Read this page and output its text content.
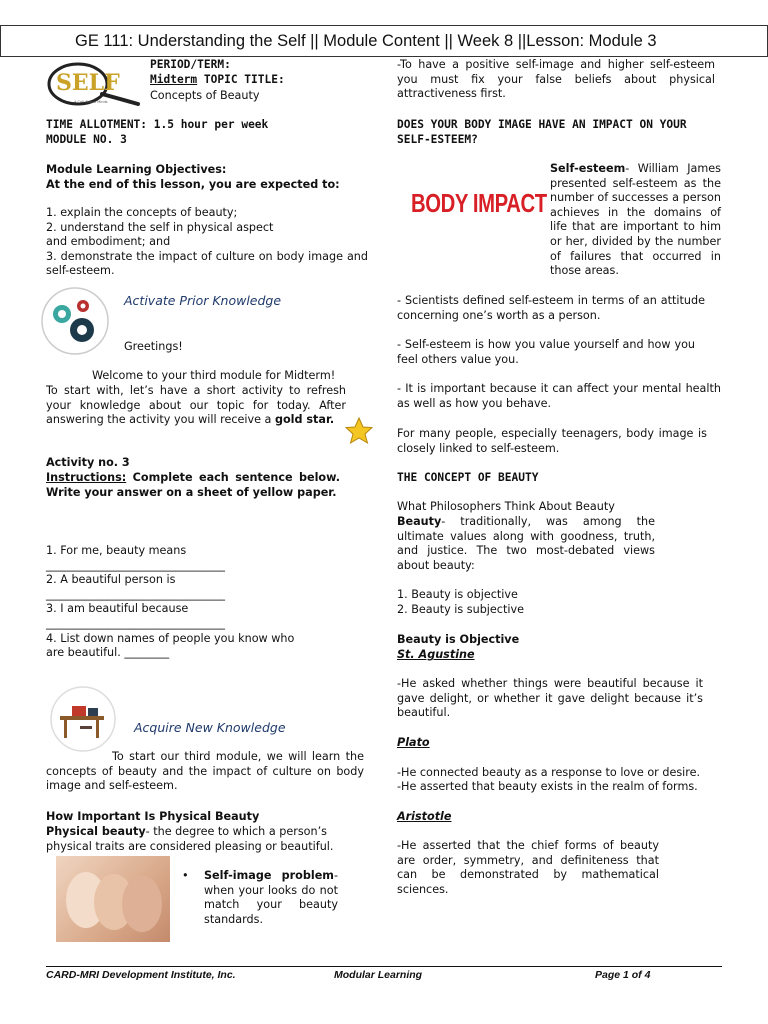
GE 111: Understanding the Self || Module Content || Week 8 ||Lesson: Module 3
SELF
A Call Above Minds
PERIOD/TERM:
Midterm TOPIC TITLE:
Concepts of Beauty
TIME ALLOTMENT: 1.5 hour per week
MODULE NO. 3
Module Learning Objectives:
At the end of this lesson, you are expected to:
1. explain the concepts of beauty;
2. understand the self in physical aspect
and embodiment; and
3. demonstrate the impact of culture on body image and self-esteem.
Activate Prior Knowledge
Greetings!
Welcome to your third module for Midterm!
To start with, let’s have a short activity to refresh your knowledge about our topic for today. After answering the activity you will receive a gold star.
Activity no. 3
Instructions: Complete each sentence below. Write your answer on a sheet of yellow paper.
1. For me, beauty means
________________________________
2. A beautiful person is
________________________________
3. I am beautiful because
________________________________
4. List down names of people you know who
are beautiful. ________
Acquire New Knowledge
To start our third module, we will learn the concepts of beauty and the impact of culture on body image and self-esteem.
How Important Is Physical Beauty
Physical beauty- the degree to which a person’s physical traits are considered pleasing or beautiful.
• Self-image problem- when your looks do not match your beauty standards.
-To have a positive self-image and higher self-esteem you must fix your false beliefs about physical attractiveness first.
DOES YOUR BODY IMAGE HAVE AN IMPACT ON YOUR SELF-ESTEEM?
BODY IMPACT
Self-esteem- William James presented self-esteem as the number of successes a person achieves in the domains of life that are important to him or her, divided by the number of failures that occurred in those areas.
- Scientists defined self-esteem in terms of an attitude concerning one’s worth as a person.
- Self-esteem is how you value yourself and how you feel others value you.
- It is important because it can affect your mental health as well as how you behave.
For many people, especially teenagers, body image is closely linked to self-esteem.
THE CONCEPT OF BEAUTY
What Philosophers Think About Beauty
Beauty- traditionally, was among the ultimate values along with goodness, truth, and justice. The two most-debated views about beauty:
1. Beauty is objective
2. Beauty is subjective
Beauty is Objective
St. Agustine
-He asked whether things were beautiful because it gave delight, or whether it gave delight because it’s beautiful.
Plato
-He connected beauty as a response to love or desire.
-He asserted that beauty exists in the realm of forms.
Aristotle
-He asserted that the chief forms of beauty are order, symmetry, and definiteness that can be demonstrated by mathematical sciences.
CARD-MRI Development Institute, Inc.	Modular Learning	Page 1 of 4
